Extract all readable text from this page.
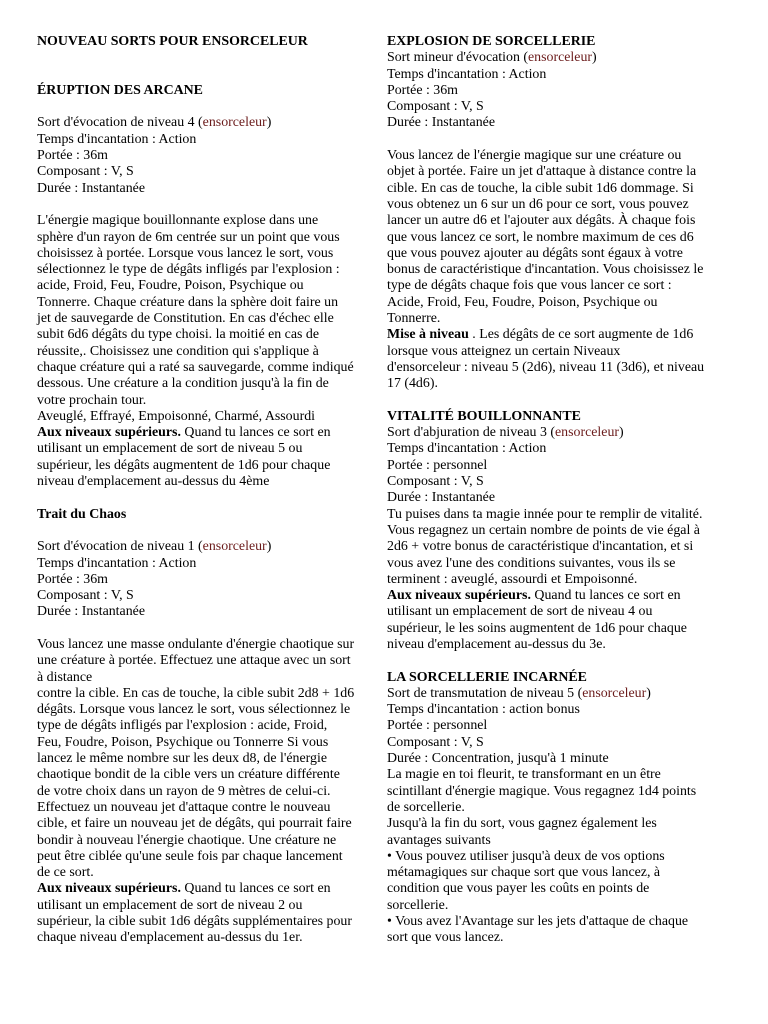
NOUVEAU SORTS POUR ENSORCELEUR

ÉRUPTION DES ARCANE

Sort d'évocation de niveau 4 (ensorceleur)

Temps d'incantation : Action

Portée : 36m

Composant : V, S

Durée : Instantanée

L'énergie magique bouillonnante explose dans une

sphère d'un rayon de 6m centrée sur un point que vous

choisissez à portée. Lorsque vous lancez le sort, vous

sélectionnez le type de dégâts infligés par l'explosion :

acide, Froid, Feu, Foudre, Poison, Psychique ou

Tonnerre. Chaque créature dans la sphère doit faire un

jet de sauvegarde de Constitution. En cas d'échec elle

subit 6d6 dégâts du type choisi. la moitié en cas de

réussite,. Choisissez une condition qui s'applique à

chaque créature qui a raté sa sauvegarde, comme indiqué

dessous. Une créature a la condition jusqu'à la fin de

votre prochain tour.

Aveuglé, Effrayé, Empoisonné, Charmé, Assourdi

Aux niveaux supérieurs. Quand tu lances ce sort en

utilisant un emplacement de sort de niveau 5 ou

supérieur, les dégâts augmentent de 1d6 pour chaque

niveau d'emplacement au-dessus du 4ème

Trait du Chaos

Sort d'évocation de niveau 1 (ensorceleur)

Temps d'incantation : Action

Portée : 36m

Composant : V, S

Durée : Instantanée

Vous lancez une masse ondulante d'énergie chaotique sur

une créature à portée. Effectuez une attaque avec un sort

à distance

contre la cible. En cas de touche, la cible subit 2d8 + 1d6

dégâts. Lorsque vous lancez le sort, vous sélectionnez le

type de dégâts infligés par l'explosion : acide, Froid,

Feu, Foudre, Poison, Psychique ou Tonnerre Si vous

lancez le même nombre sur les deux d8, de l'énergie

chaotique bondit de la cible vers un créature différente

de votre choix dans un rayon de 9 mètres de celui-ci.

Effectuez un nouveau jet d'attaque contre le nouveau

cible, et faire un nouveau jet de dégâts, qui pourrait faire

bondir à nouveau l'énergie chaotique. Une créature ne

peut être ciblée qu'une seule fois par chaque lancement

de ce sort.

Aux niveaux supérieurs. Quand tu lances ce sort en

utilisant un emplacement de sort de niveau 2 ou

supérieur, la cible subit 1d6 dégâts supplémentaires pour

chaque niveau d'emplacement au-dessus du 1er.

EXPLOSION DE SORCELLERIE

Sort mineur d'évocation (ensorceleur)

Temps d'incantation : Action

Portée : 36m

Composant : V, S

Durée : Instantanée

Vous lancez de l'énergie magique sur une créature ou

objet à portée. Faire un jet d'attaque à distance contre la

cible. En cas de touche, la cible subit 1d6 dommage. Si

vous obtenez un 6 sur un d6 pour ce sort, vous pouvez

lancer un autre d6 et l'ajouter aux dégâts. À chaque fois

que vous lancez ce sort, le nombre maximum de ces d6

que vous pouvez ajouter au dégâts sont égaux à votre

bonus de caractéristique d'incantation. Vous choisissez le

type de dégâts chaque fois que vous lancer ce sort :

Acide, Froid, Feu, Foudre, Poison, Psychique ou

Tonnerre.

Mise à niveau . Les dégâts de ce sort augmente de 1d6

lorsque vous atteignez un certain Niveaux

d'ensorceleur : niveau 5 (2d6), niveau 11 (3d6), et niveau

17 (4d6).

VITALITÉ BOUILLONNANTE

Sort d'abjuration de niveau 3 (ensorceleur)

Temps d'incantation : Action

Portée : personnel

Composant : V, S

Durée : Instantanée

Tu puises dans ta magie innée pour te remplir de vitalité.

Vous regagnez un certain nombre de points de vie égal à

2d6 + votre bonus de caractéristique d'incantation, et si

vous avez l'une des conditions suivantes, vous ils se

terminent : aveuglé, assourdi et Empoisonné.

Aux niveaux supérieurs. Quand tu lances ce sort en

utilisant un emplacement de sort de niveau 4 ou

supérieur, le les soins augmentent de 1d6 pour chaque

niveau d'emplacement au-dessus du 3e.

LA SORCELLERIE INCARNÉE

Sort de transmutation de niveau 5 (ensorceleur)

Temps d'incantation : action bonus

Portée : personnel

Composant : V, S

Durée : Concentration, jusqu'à 1 minute

La magie en toi fleurit, te transformant en un être

scintillant d'énergie magique. Vous regagnez 1d4 points

de sorcellerie.

Jusqu'à la fin du sort, vous gagnez également les

avantages suivants

• Vous pouvez utiliser jusqu'à deux de vos options

métamagiques sur chaque sort que vous lancez, à

condition que vous payer les coûts en points de

sorcellerie.

• Vous avez l'Avantage sur les jets d'attaque de chaque

sort que vous lancez.
